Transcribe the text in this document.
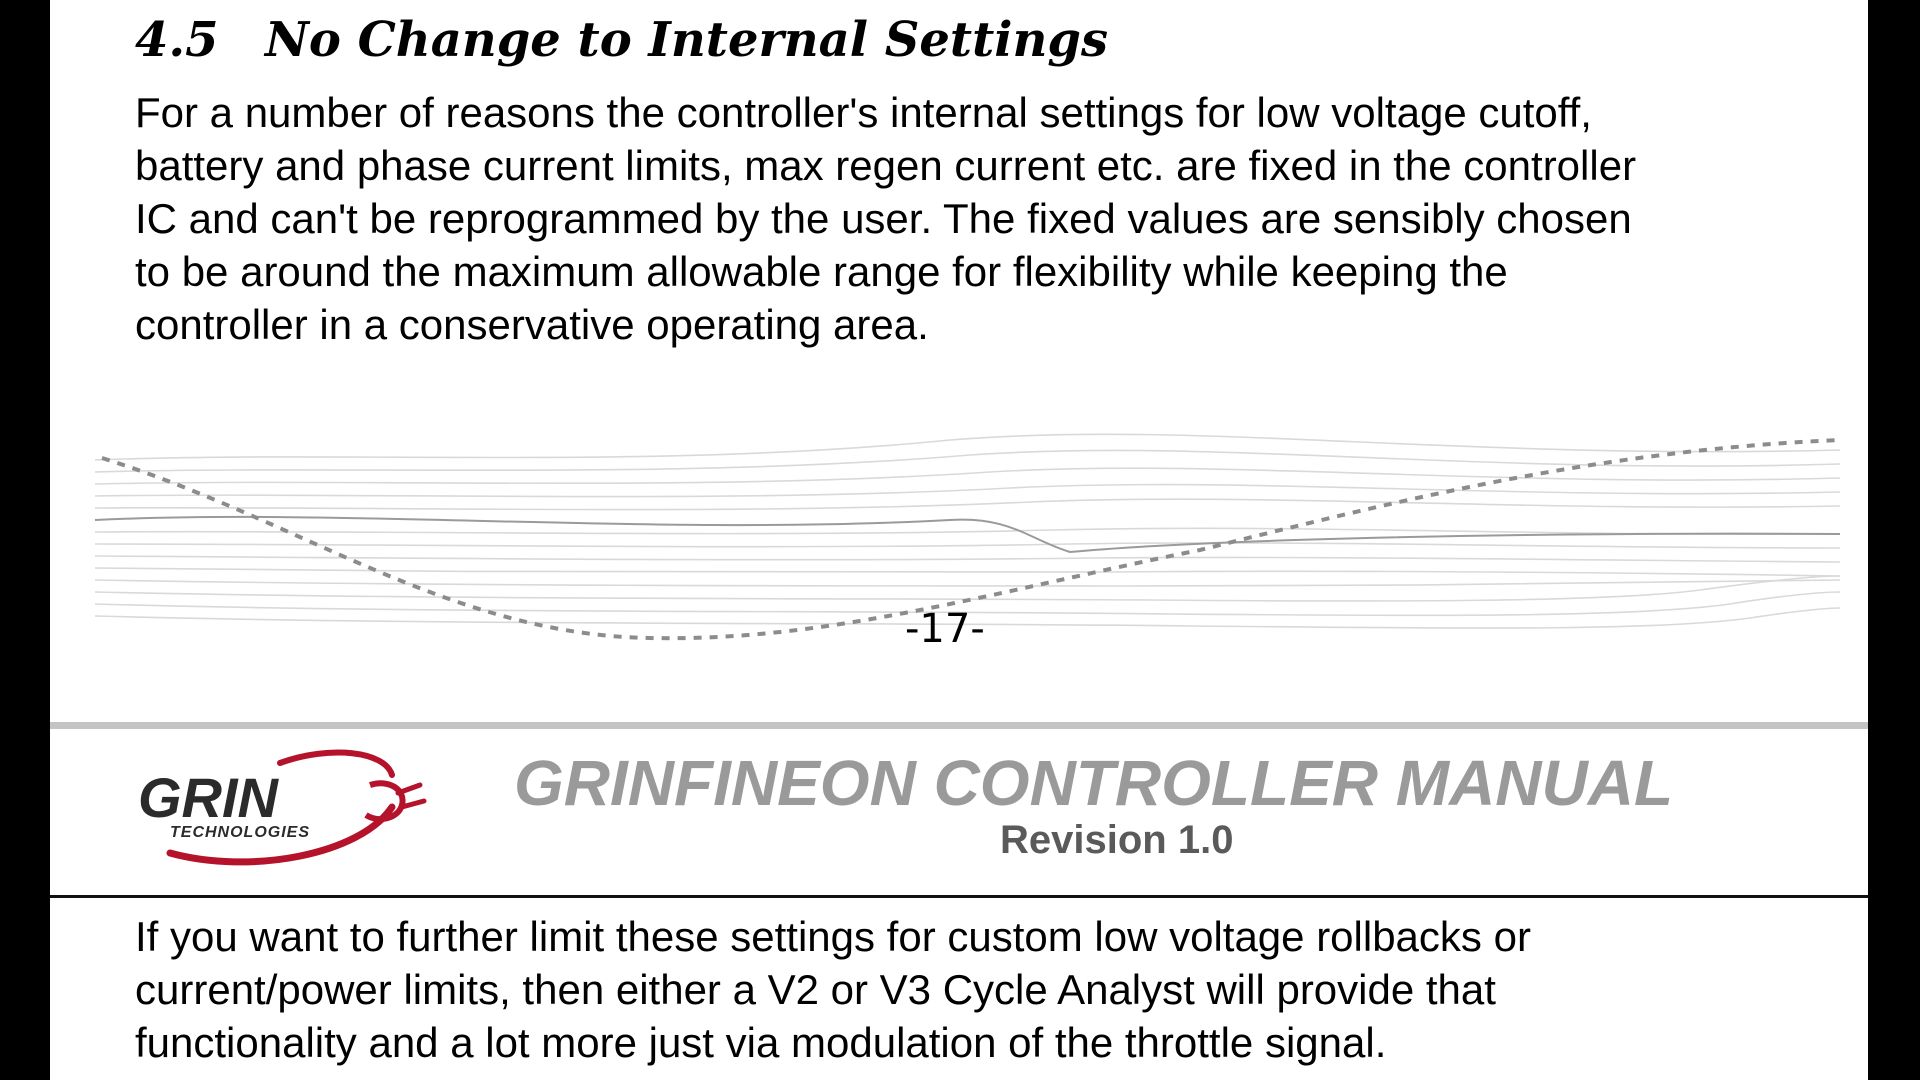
4.5 No Change to Internal Settings

For a number of reasons the controller's internal settings for low voltage cutoff,
battery and phase current limits, max regen current etc. are fixed in the controller
IC and can't be reprogrammed by the user. The fixed values are sensibly chosen
to be around the maximum allowable range for flexibility while keeping the
controller in a conservative operating area.

-17-
GRIN
TECHNOLOGIES
GRINFINEON CONTROLLER MANUAL
Revision 1.0

If you want to further limit these settings for custom low voltage rollbacks or
current/power limits, then either a V2 or V3 Cycle Analyst will provide that
functionality and a lot more just via modulation of the throttle signal.
